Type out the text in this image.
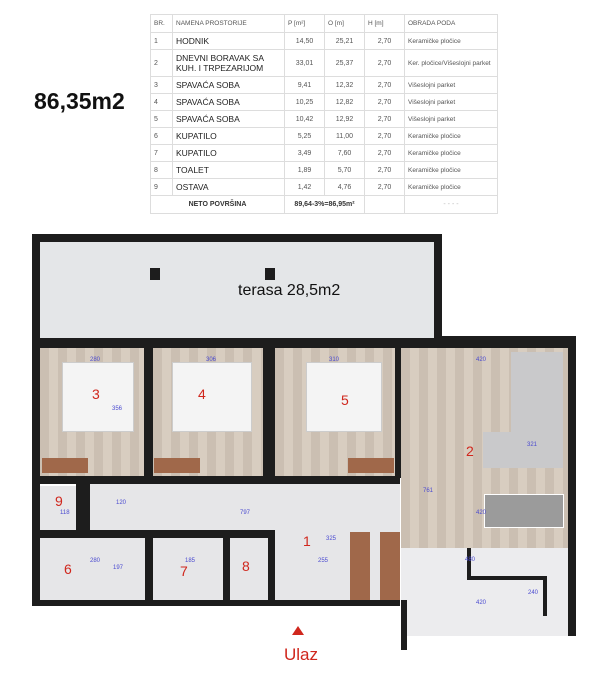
86,35m2
BR.	NAMENA PROSTORIJE	P [m²]	O [m]	H [m]	OBRADA PODA
1	HODNIK	14,50	25,21	2,70	Keramičke pločice
2	DNEVNI BORAVAK SA KUH. I TRPEZARIJOM	33,01	25,37	2,70	Ker. pločice/Višeslojni parket
3	SPAVAĆA SOBA	9,41	12,32	2,70	Višeslojni parket
4	SPAVAĆA SOBA	10,25	12,82	2,70	Višeslojni parket
5	SPAVAĆA SOBA	10,42	12,92	2,70	Višeslojni parket
6	KUPATILO	5,25	11,00	2,70	Keramičke pločice
7	KUPATILO	3,49	7,60	2,70	Keramičke pločice
8	TOALET	1,89	5,70	2,70	Keramičke pločice
9	OSTAVA	1,42	4,76	2,70	Keramičke pločice
NETO POVRŠINA		89,64-3%=86,95m²			- - - -
terasa 28,5m2
3	4	5
2
9
1
6	7	8
280
356
306	310	420
321
761
120
118	797	420
480
325
255
280
197
185
240
420
Ulaz
